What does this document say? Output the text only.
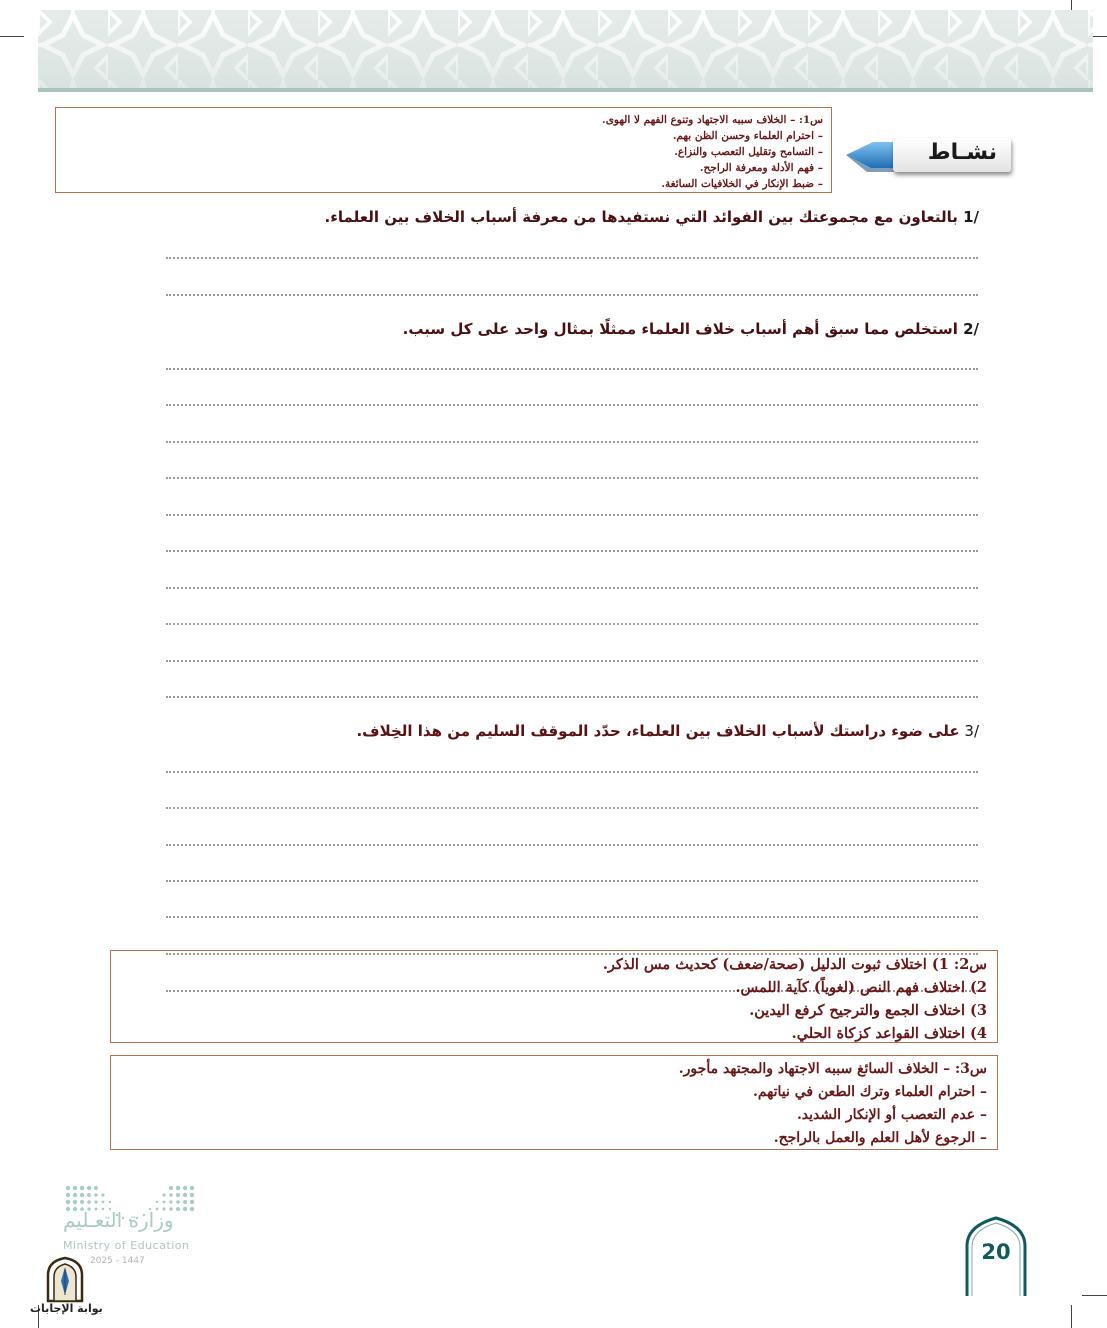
س1: – الخلاف سببه الاجتهاد وتنوع الفهم لا الهوى.
– احترام العلماء وحسن الظن بهم.
– التسامح وتقليل التعصب والنزاع.
– فهم الأدلة ومعرفة الراجح.
– ضبط الإنكار في الخلافيات السائغة.
نشـاط
/1 بالتعاون مع مجموعتك بين الفوائد التي نستفيدها من معرفة أسباب الخلاف بين العلماء.
/2 استخلص مما سبق أهم أسباب خلاف العلماء ممثلًا بمثال واحد على كل سبب.
/3 على ضوء دراستك لأسباب الخلاف بين العلماء، حدّد الموقف السليم من هذا الخِلاف.
س2: 1) اختلاف ثبوت الدليل (صحة/ضعف) كحديث مس الذكر.
2) اختلاف فهم النص (لغوياً) كآية اللمس.
3) اختلاف الجمع والترجيح كرفع اليدين.
4) اختلاف القواعد كزكاة الحلي.
س3: – الخلاف السائغ سببه الاجتهاد والمجتهد مأجور.
– احترام العلماء وترك الطعن في نياتهم.
– عدم التعصب أو الإنكار الشديد.
– الرجوع لأهل العلم والعمل بالراجح.
وزارة التعـليم
Ministry of Education
2025 - 1447
بوابة الإجابات
20
